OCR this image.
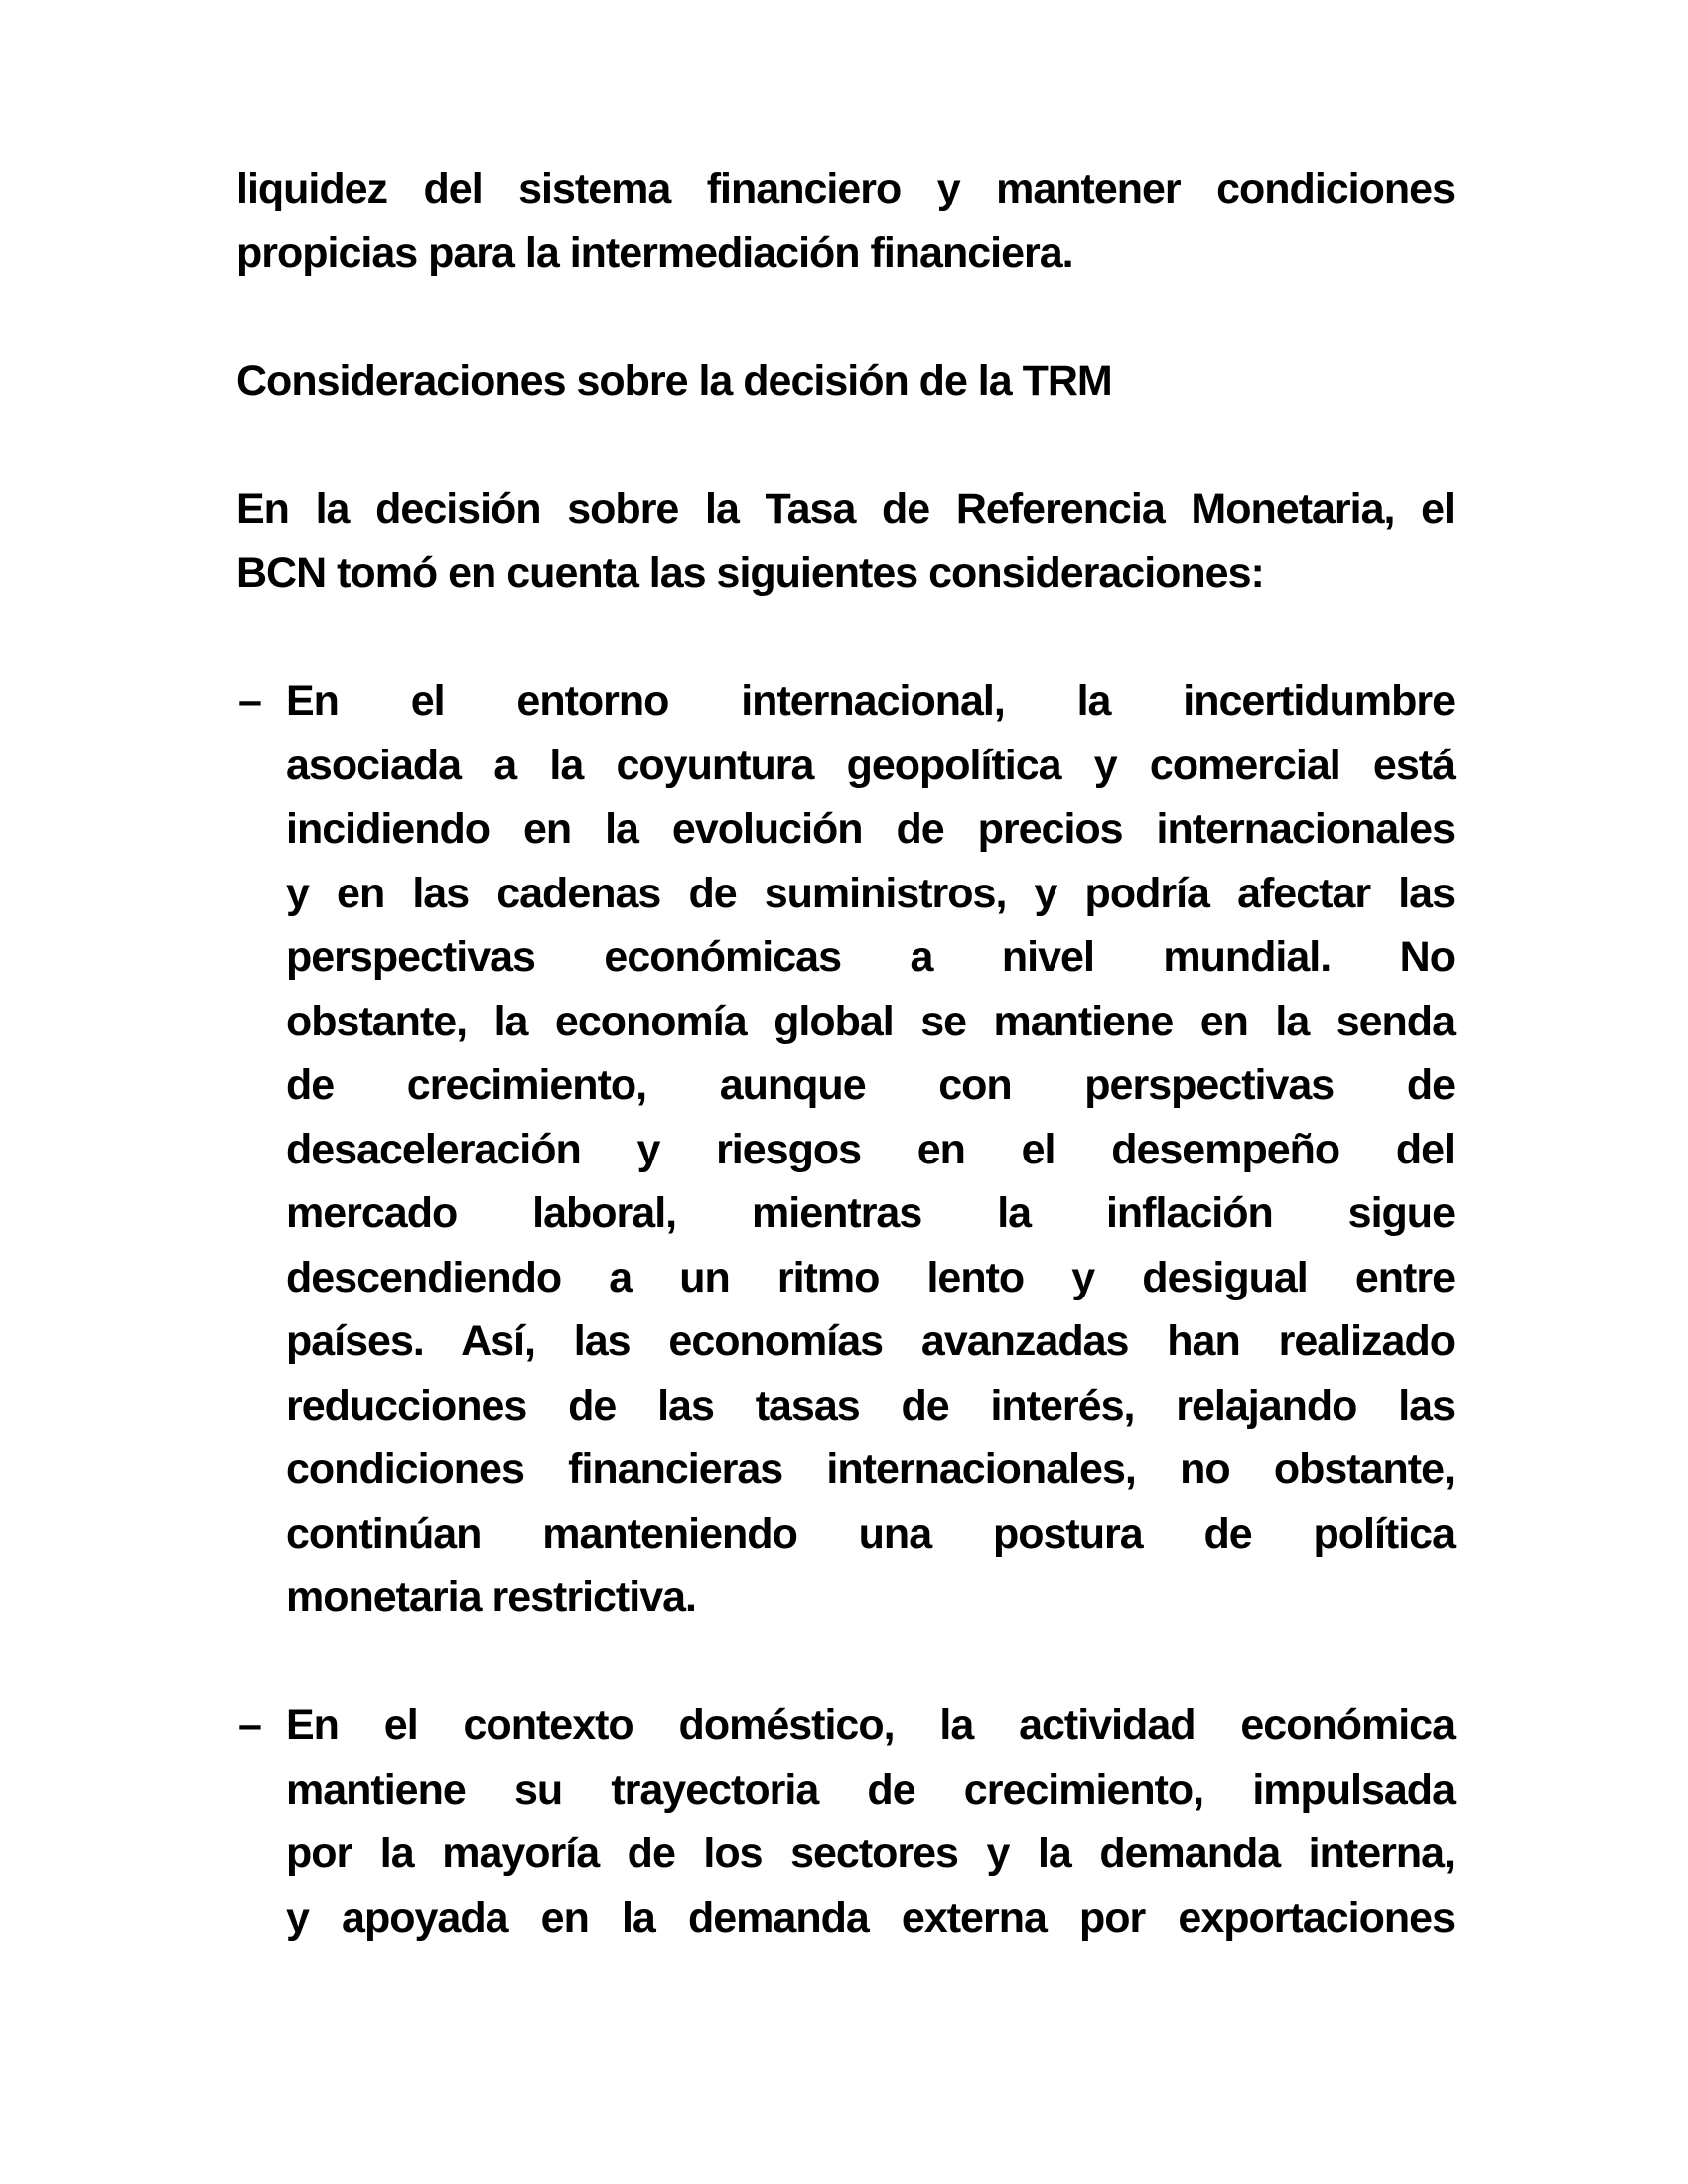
liquidez del sistema financiero y mantener condiciones
propicias para la intermediación financiera.
Consideraciones sobre la decisión de la TRM
En la decisión sobre la Tasa de Referencia Monetaria, el
BCN tomó en cuenta las siguientes consideraciones:
– En el entorno internacional, la incertidumbre
asociada a la coyuntura geopolítica y comercial está
incidiendo en la evolución de precios internacionales
y en las cadenas de suministros, y podría afectar las
perspectivas económicas a nivel mundial. No
obstante, la economía global se mantiene en la senda
de crecimiento, aunque con perspectivas de
desaceleración y riesgos en el desempeño del
mercado laboral, mientras la inflación sigue
descendiendo a un ritmo lento y desigual entre
países. Así, las economías avanzadas han realizado
reducciones de las tasas de interés, relajando las
condiciones financieras internacionales, no obstante,
continúan manteniendo una postura de política
monetaria restrictiva.
– En el contexto doméstico, la actividad económica
mantiene su trayectoria de crecimiento, impulsada
por la mayoría de los sectores y la demanda interna,
y apoyada en la demanda externa por exportaciones
